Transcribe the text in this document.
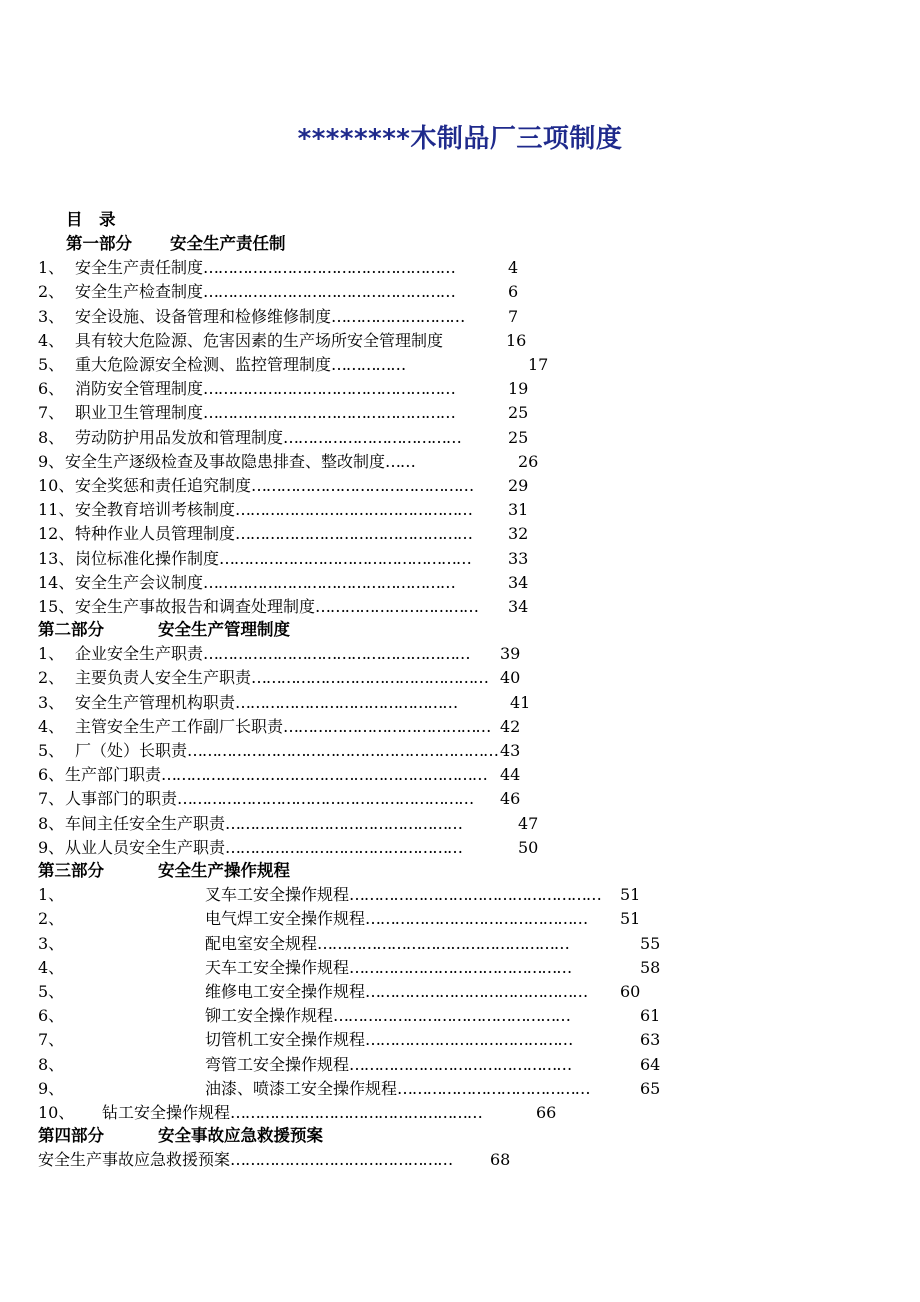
********木制品厂三项制度
目　录
第一部分 安全生产责任制
1、 安全生产责任制度……………………………………………	4
2、 安全生产检查制度……………………………………………	6
3、 安全设施、设备管理和检修维修制度………………………	7
4、 具有较大危险源、危害因素的生产场所安全管理制度	16
5、 重大危险源安全检测、监控管理制度……………	17
6、 消防安全管理制度……………………………………………	19
7、 职业卫生管理制度……………………………………………	25
8、 劳动防护用品发放和管理制度………………………………	25
9、 安全生产逐级检查及事故隐患排查、整改制度……	26
10、 安全奖惩和责任追究制度……………………………………… 29
11、 安全教育培训考核制度………………………………………… 31
12、 特种作业人员管理制度………………………………………… 32
13、 岗位标准化操作制度…………………………………………… 33
14、 安全生产会议制度……………………………………………	34
15、 安全生产事故报告和调查处理制度…………………………… 34
第二部分	安全生产管理制度
1、 企业安全生产职责……………………………………………… 39
2、 主要负责人安全生产职责………………………………………… 40
3、 安全生产管理机构职责………………………………………	41
4、 主管安全生产工作副厂长职责…………………………………… 42
5、 厂（处）长职责……………………………………………………… 43
6、 生产部门职责………………………………………………………… 44
7、 人事部门的职责…………………………………………………… 46
8、 车间主任安全生产职责…………………………………………	47
9、 从业人员安全生产职责…………………………………………	50
第三部分	安全生产操作规程
1、	叉车工安全操作规程…………………………………………… 51
2、	电气焊工安全操作规程……………………………………… 51
3、	配电室安全规程……………………………………………	55
4、	天车工安全操作规程………………………………………	58
5、	维修电工安全操作规程……………………………………… 60
6、	铆工安全操作规程…………………………………………	61
7、	切管机工安全操作规程……………………………………	63
8、	弯管工安全操作规程………………………………………	64
9、	油漆、喷漆工安全操作规程…………………………………	65
10、 钻工安全操作规程……………………………………………	66
第四部分	安全事故应急救援预案
安全生产事故应急救援预案……………………………………… 68
